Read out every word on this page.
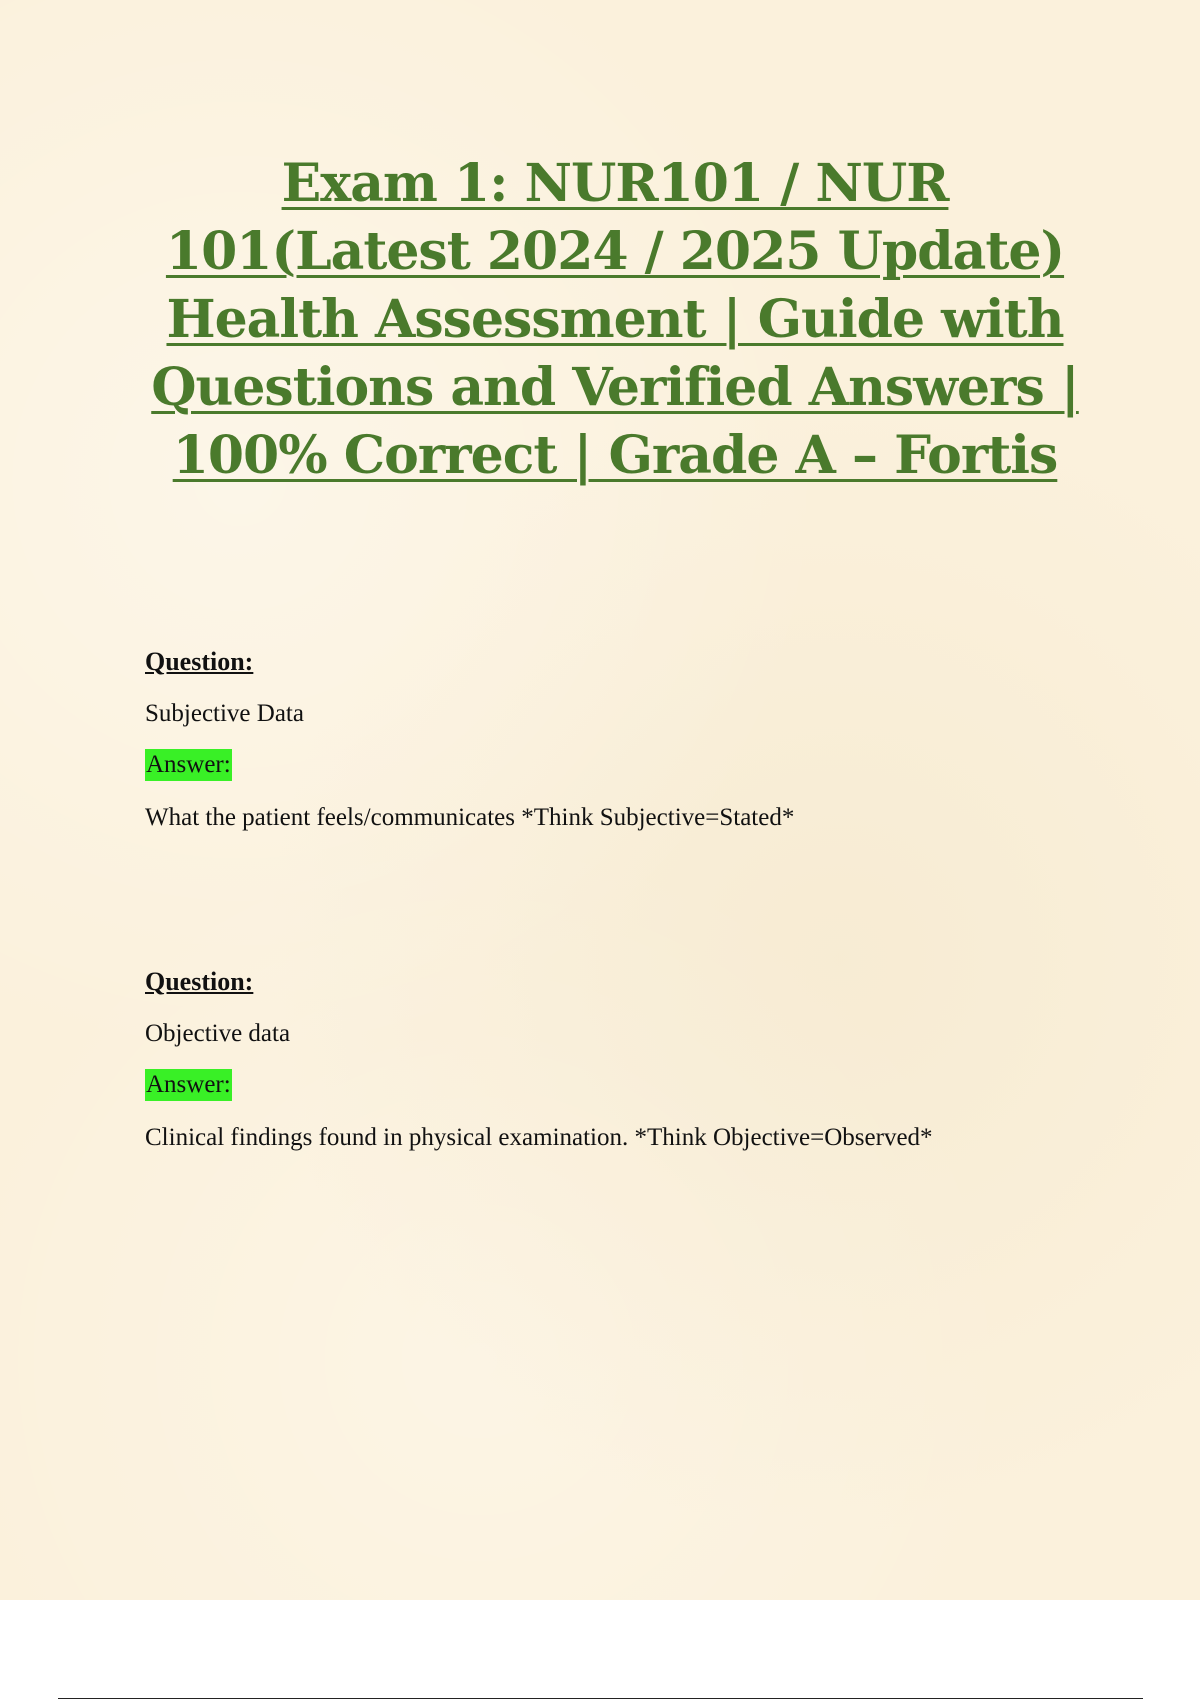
Exam 1: NUR101 / NUR 101(Latest 2024 / 2025 Update) Health Assessment | Guide with Questions and Verified Answers | 100% Correct | Grade A – Fortis
Question:
Subjective Data
Answer:
What the patient feels/communicates *Think Subjective=Stated*
Question:
Objective data
Answer:
Clinical findings found in physical examination. *Think Objective=Observed*
